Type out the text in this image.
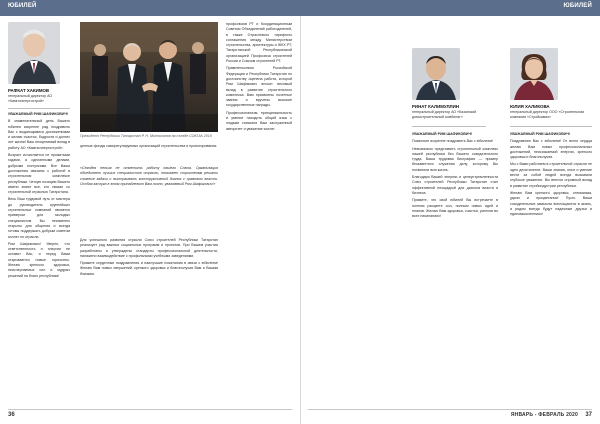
ЮБИЛЕЙ
РАФКАТ ХАКИМОВ
генеральный директор АО «Камгэсэнергострой»

УВАЖАЕМЫЙ РИМ ШАФИКОВИЧ!

В знаменательный день Вашего юбилея искренне рад поздравить Вас с выдающимися достижениями и желаю счастья, бодрости и долгих лет жизни! Ваш неоценимый вклад в работу АО «Камгэсэнергострой».

Возраст исчисляется не прожитыми годами, а сделанными делами, добрыми поступками. Все Ваши достижения связаны с работой в строительном комплексе республики. Четкую позицию Вашего имени знают все, кто связан со строительной отраслью Татарстана.

Весь Ваш трудовой путь от мастера до руководителя крупнейших строительных компаний является примером для молодых специалистов. Вы неизменно открыты для общения и всегда готовы поддержать добрым советом коллег по отрасли.

Рим Шафикович! Уверен, что ответственность и энергия не оставят Вас, и перед Вами открываются новые горизонты. Желаю крепкого здоровья, неисчерпаемых сил и мудрых решений на благо республики!

Президент Республики Татарстан Р. Н. Минниханов на съезде СОЮЗА 2019

ценные фонды саморегулируемых организаций строительства и проектирования.

«Сегодня нельзя не отметить работу нашего Союза. Организация объединяет лучших специалистов отрасли, помогает строителям решать сложные задачи и выстраивать конструктивный диалог с органами власти. Особая заслуга в этом принадлежит Вам лично, уважаемый Рим Шафикович!»

Для успешного развития отрасли Союз строителей Республики Татарстан реализует ряд важных социальных программ и проектов. При Вашем участии разработаны и утверждены стандарты профессиональной деятельности, налажено взаимодействие с профильными учебными заведениями.

Примите сердечные поздравления и наилучшие пожелания в связи с юбилеем! Желаю Вам новых свершений, крепкого здоровья и благополучия Вам и Вашим близким.

профсоюзов РТ и Координационным Советом Объединений работодателей, в также Отраслевого тарифного соглашения между Министерством строительства, архитектуры и ЖКХ РТ, Татарстанской Республиканской организацией Профсоюза строителей России и Союзом строителей РТ.

Правительством Российской Федерации и Республики Татарстан по достоинству оценена работа, которой Рим Шафикович вносит весомый вклад в развитие строительного комплекса. Вам присвоены почетные звания и вручены высокие государственные награды.

Профессионализм, принципиальность и умение находить общий язык с людьми снискали Вам заслуженный авторитет и уважение коллег.

36
ЮБИЛЕЙ
РИНАТ КАЛИМУЛЛИН
генеральный директор АО «Казанский домостроительный комбинат»
ЮЛИЯ ХАЛИКОВА
генеральный директор ООО «Строительная компания «Стройкамаз»

УВАЖАЕМЫЙ РИМ ШАФИКОВИЧ!

Позвольте искренне поздравить Вас с юбилеем!

Невозможно представить строительный комплекс нашей республики без Вашего созидательного труда. Ваша трудовая биография — пример беззаветного служения делу, которому Вы посвятили всю жизнь.

Благодаря Вашей энергии и целеустремленности Союз строителей Республики Татарстан стал эффективной площадкой для диалога власти и бизнеса.

Примите, что свой юбилей Вы встречаете в полном расцвете сил, полным новых идей и планов. Желаю Вам здоровья, счастья, успехов во всех начинаниях!

УВАЖАЕМЫЙ РИМ ШАФИКОВИЧ!

Поздравляю Вас с юбилеем! От всего сердца желаю Вам новых профессиональных достижений, неиссякаемой энергии, крепкого здоровья и благополучия.

Мы с Вами работаем в строительной отрасли не одно десятилетие. Ваши знания, опыт и умение вести за собой людей всегда вызывали глубокое уважение. Вы внесли огромный вклад в развитие стройиндустрии республики.

Желаю Вам крепкого здоровья, оптимизма, удачи и процветания! Пусть Ваши созидательные замыслы воплощаются в жизнь, а рядом всегда будут надежные друзья и единомышленники!

ЯНВАРЬ - ФЕВРАЛЬ 2020 37
